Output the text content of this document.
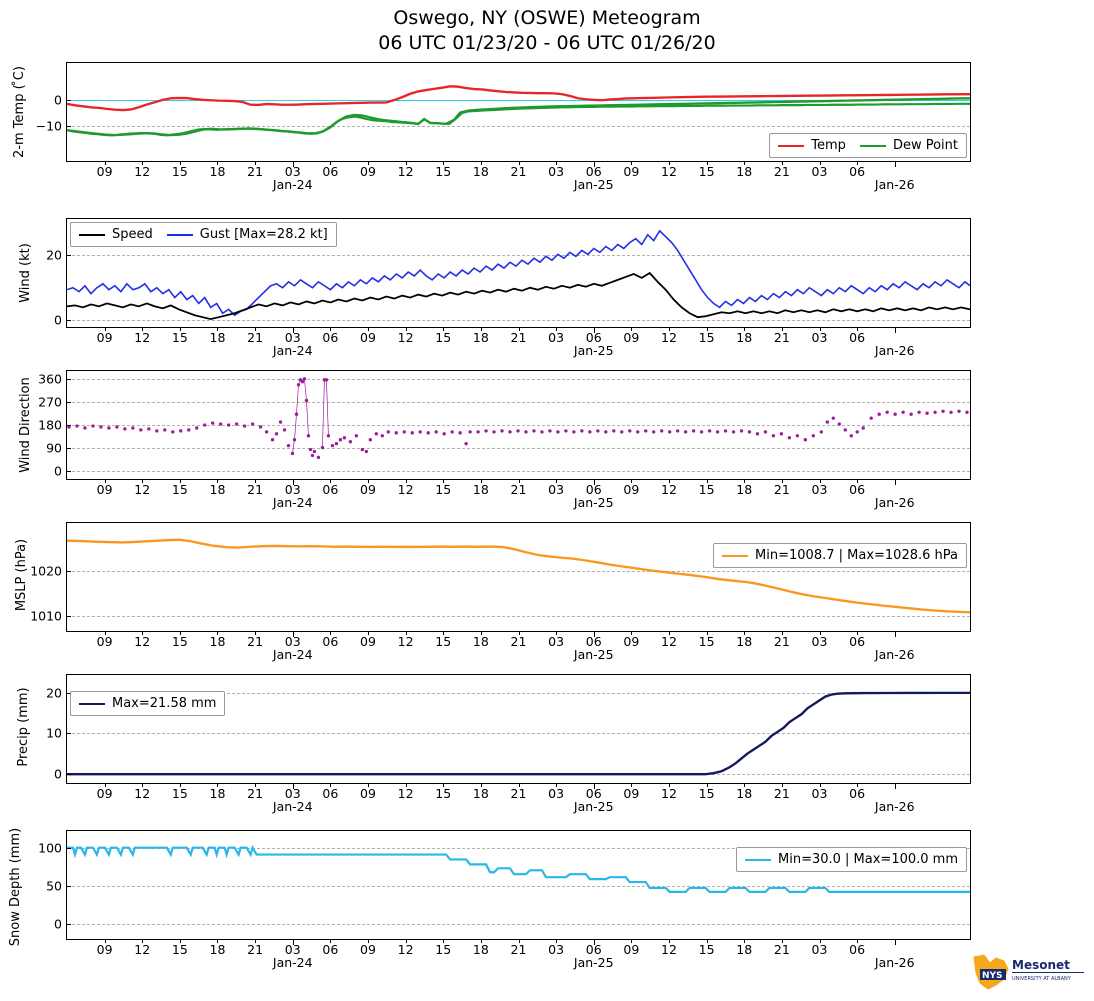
Oswego, NY (OSWE) Meteogram
06 UTC 01/23/20 - 06 UTC 01/26/20
2-m Temp ( ̊C) −10
0
Temp	Dew Point
09 12 15 18 21 03 06 09 12 15 18 21 03 06 09 12 15 18 21 03 06
Jan-24	Jan-25	Jan-26
Wind (kt) 20
0
Speed	Gust [Max=28.2 kt]
09 12 15 18 21 03 06 09 12 15 18 21 03 06 09 12 15 18 21 03 06
Jan-24	Jan-25	Jan-26
Wind Direction 360
270
180
90
0
09 12 15 18 21 03 06 09 12 15 18 21 03 06 09 12 15 18 21 03 06
Jan-24	Jan-25	Jan-26
MSLP (hPa) 1020
1010
Min=1008.7 | Max=1028.6 hPa
09 12 15 18 21 03 06 09 12 15 18 21 03 06 09 12 15 18 21 03 06
Jan-24	Jan-25	Jan-26
Precip (mm) 20
10
0
Max=21.58 mm
09 12 15 18 21 03 06 09 12 15 18 21 03 06 09 12 15 18 21 03 06
Jan-24	Jan-25	Jan-26
Snow Depth (mm) 100
50
0
Min=30.0 | Max=100.0 mm
09 12 15 18 21 03 06 09 12 15 18 21 03 06 09 12 15 18 21 03 06
Jan-24	Jan-25	Jan-26
NYS
Mesonet
UNIVERSITY AT ALBANY
